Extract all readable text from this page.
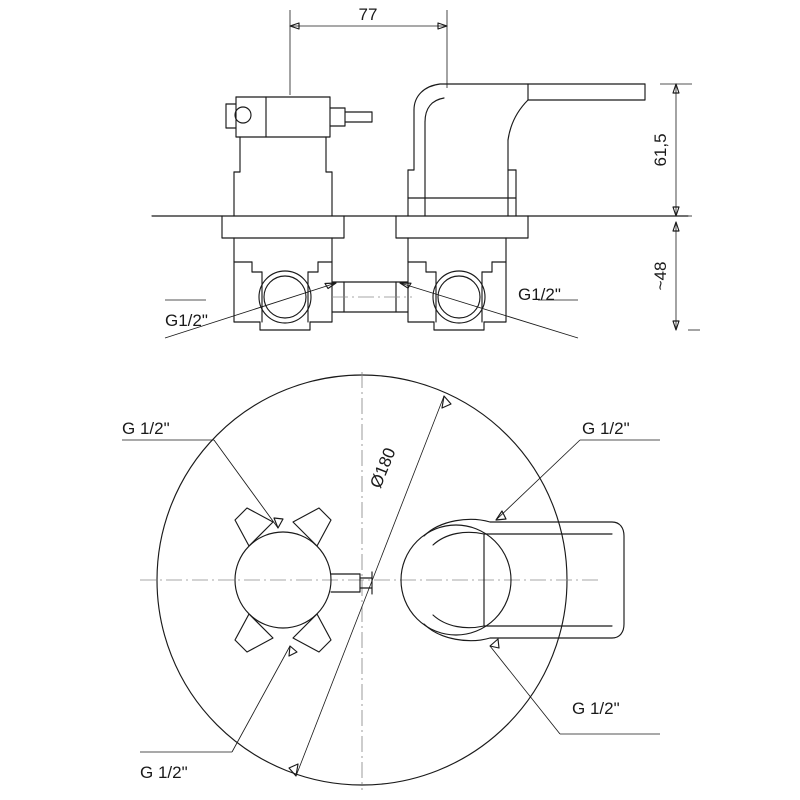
77
61,5
~48
G1/2"
G1/2"
Ø180
G 1/2"
G 1/2"
G 1/2"
G 1/2"
